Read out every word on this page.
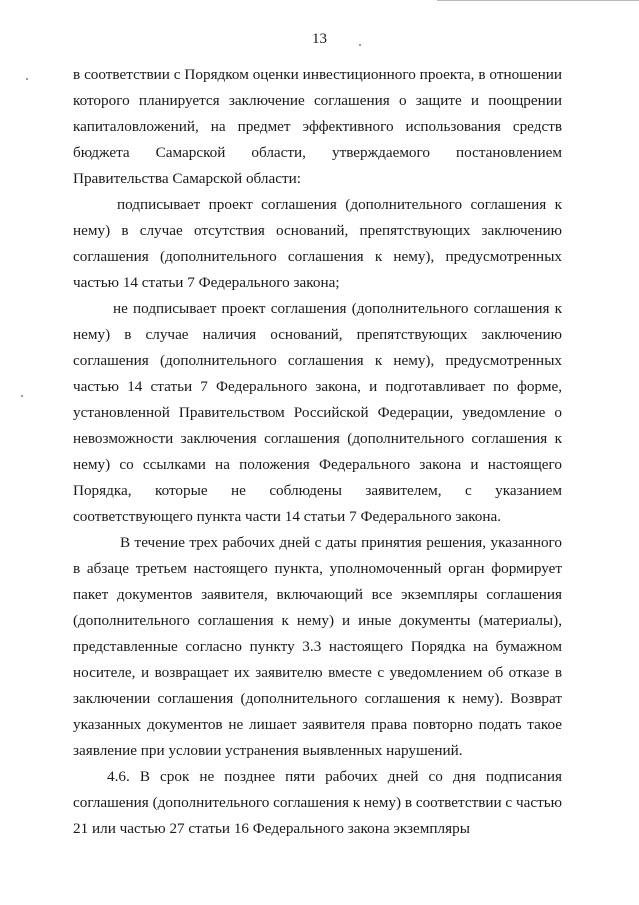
13

в соответствии с Порядком оценки инвестиционного проекта, в отношении которого планируется заключение соглашения о защите и поощрении капиталовложений, на предмет эффективного использования средств бюджета Самарской области, утверждаемого постановлением Правительства Самарской области:

подписывает проект соглашения (дополнительного соглашения к нему) в случае отсутствия оснований, препятствующих заключению соглашения (дополнительного соглашения к нему), предусмотренных частью 14 статьи 7 Федерального закона;

не подписывает проект соглашения (дополнительного соглашения к нему) в случае наличия оснований, препятствующих заключению соглашения (дополнительного соглашения к нему), предусмотренных частью 14 статьи 7 Федерального закона, и подготавливает по форме, установленной Правительством Российской Федерации, уведомление о невозможности заключения соглашения (дополнительного соглашения к нему) со ссылками на положения Федерального закона и настоящего Порядка, которые не соблюдены заявителем, с указанием соответствующего пункта части 14 статьи 7 Федерального закона.

В течение трех рабочих дней с даты принятия решения, указанного в абзаце третьем настоящего пункта, уполномоченный орган формирует пакет документов заявителя, включающий все экземпляры соглашения (дополнительного соглашения к нему) и иные документы (материалы), представленные согласно пункту 3.3 настоящего Порядка на бумажном носителе, и возвращает их заявителю вместе с уведомлением об отказе в заключении соглашения (дополнительного соглашения к нему). Возврат указанных документов не лишает заявителя права повторно подать такое заявление при условии устранения выявленных нарушений.

4.6. В срок не позднее пяти рабочих дней со дня подписания соглашения (дополнительного соглашения к нему) в соответствии с частью 21 или частью 27 статьи 16 Федерального закона экземпляры
